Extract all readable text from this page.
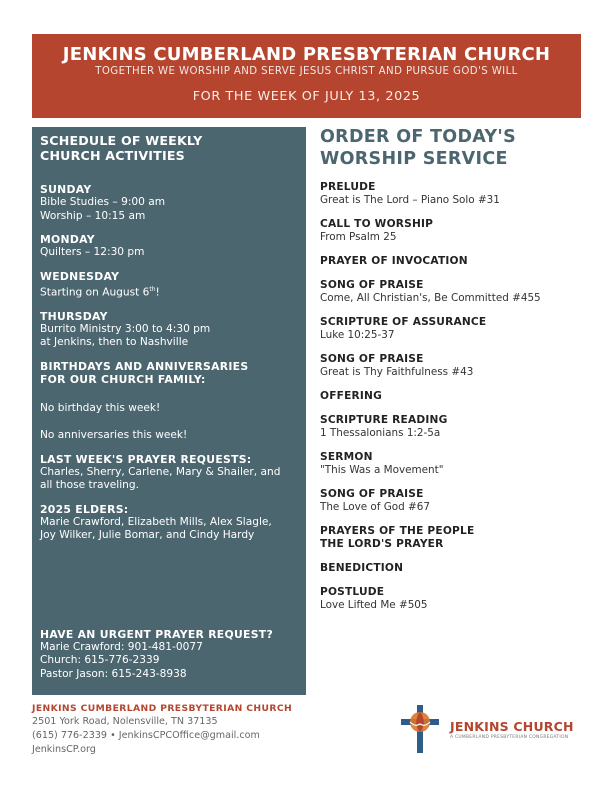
JENKINS CUMBERLAND PRESBYTERIAN CHURCH
TOGETHER WE WORSHIP AND SERVE JESUS CHRIST AND PURSUE GOD'S WILL
FOR THE WEEK OF JULY 13, 2025
SCHEDULE OF WEEKLY
CHURCH ACTIVITIES
SUNDAY
Bible Studies – 9:00 am
Worship – 10:15 am
MONDAY
Quilters – 12:30 pm
WEDNESDAY
Starting on August 6th!
THURSDAY
Burrito Ministry 3:00 to 4:30 pm
at Jenkins, then to Nashville
BIRTHDAYS AND ANNIVERSARIES
FOR OUR CHURCH FAMILY:
No birthday this week!
No anniversaries this week!
LAST WEEK'S PRAYER REQUESTS:
Charles, Sherry, Carlene, Mary & Shailer, and
all those traveling.
2025 ELDERS:
Marie Crawford, Elizabeth Mills, Alex Slagle,
Joy Wilker, Julie Bomar, and Cindy Hardy
HAVE AN URGENT PRAYER REQUEST?
Marie Crawford: 901-481-0077
Church: 615-776-2339
Pastor Jason: 615-243-8938
ORDER OF TODAY'S
WORSHIP SERVICE
PRELUDE
Great is The Lord – Piano Solo #31
CALL TO WORSHIP
From Psalm 25
PRAYER OF INVOCATION
SONG OF PRAISE
Come, All Christian's, Be Committed #455
SCRIPTURE OF ASSURANCE
Luke 10:25-37
SONG OF PRAISE
Great is Thy Faithfulness #43
OFFERING
SCRIPTURE READING
1 Thessalonians 1:2-5a
SERMON
"This Was a Movement"
SONG OF PRAISE
The Love of God #67
PRAYERS OF THE PEOPLE
THE LORD'S PRAYER
BENEDICTION
POSTLUDE
Love Lifted Me #505
JENKINS CUMBERLAND PRESBYTERIAN CHURCH
2501 York Road, Nolensville, TN 37135
(615) 776-2339 • JenkinsCPCOffice@gmail.com
JenkinsCP.org
JENKINS CHURCH
A CUMBERLAND PRESBYTERIAN CONGREGATION
